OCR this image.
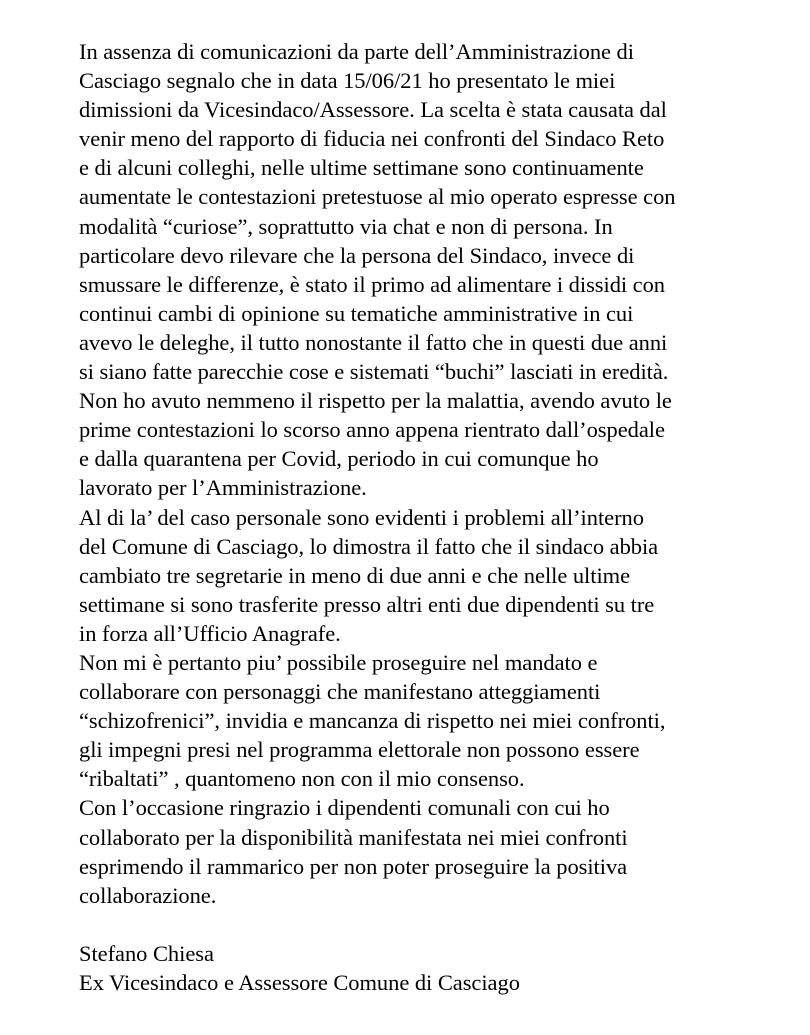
In assenza di comunicazioni da parte dell’Amministrazione di
Casciago segnalo che in data 15/06/21 ho presentato le miei
dimissioni da Vicesindaco/Assessore. La scelta è stata causata dal
venir meno del rapporto di fiducia nei confronti del Sindaco Reto
e di alcuni colleghi, nelle ultime settimane sono continuamente
aumentate le contestazioni pretestuose al mio operato espresse con
modalità “curiose”, soprattutto via chat e non di persona. In
particolare devo rilevare che la persona del Sindaco, invece di
smussare le differenze, è stato il primo ad alimentare i dissidi con
continui cambi di opinione su tematiche amministrative in cui
avevo le deleghe, il tutto nonostante il fatto che in questi due anni
si siano fatte parecchie cose e sistemati “buchi” lasciati in eredità.
Non ho avuto nemmeno il rispetto per la malattia, avendo avuto le
prime contestazioni lo scorso anno appena rientrato dall’ospedale
e dalla quarantena per Covid, periodo in cui comunque ho
lavorato per l’Amministrazione.
Al di la’ del caso personale sono evidenti i problemi all’interno
del Comune di Casciago, lo dimostra il fatto che il sindaco abbia
cambiato tre segretarie in meno di due anni e che nelle ultime
settimane si sono trasferite presso altri enti due dipendenti su tre
in forza all’Ufficio Anagrafe.
Non mi è pertanto piu’ possibile proseguire nel mandato e
collaborare con personaggi che manifestano atteggiamenti
“schizofrenici”, invidia e mancanza di rispetto nei miei confronti,
gli impegni presi nel programma elettorale non possono essere
“ribaltati” , quantomeno non con il mio consenso.
Con l’occasione ringrazio i dipendenti comunali con cui ho
collaborato per la disponibilità manifestata nei miei confronti
esprimendo il rammarico per non poter proseguire la positiva
collaborazione.
Stefano Chiesa
Ex Vicesindaco e Assessore Comune di Casciago
